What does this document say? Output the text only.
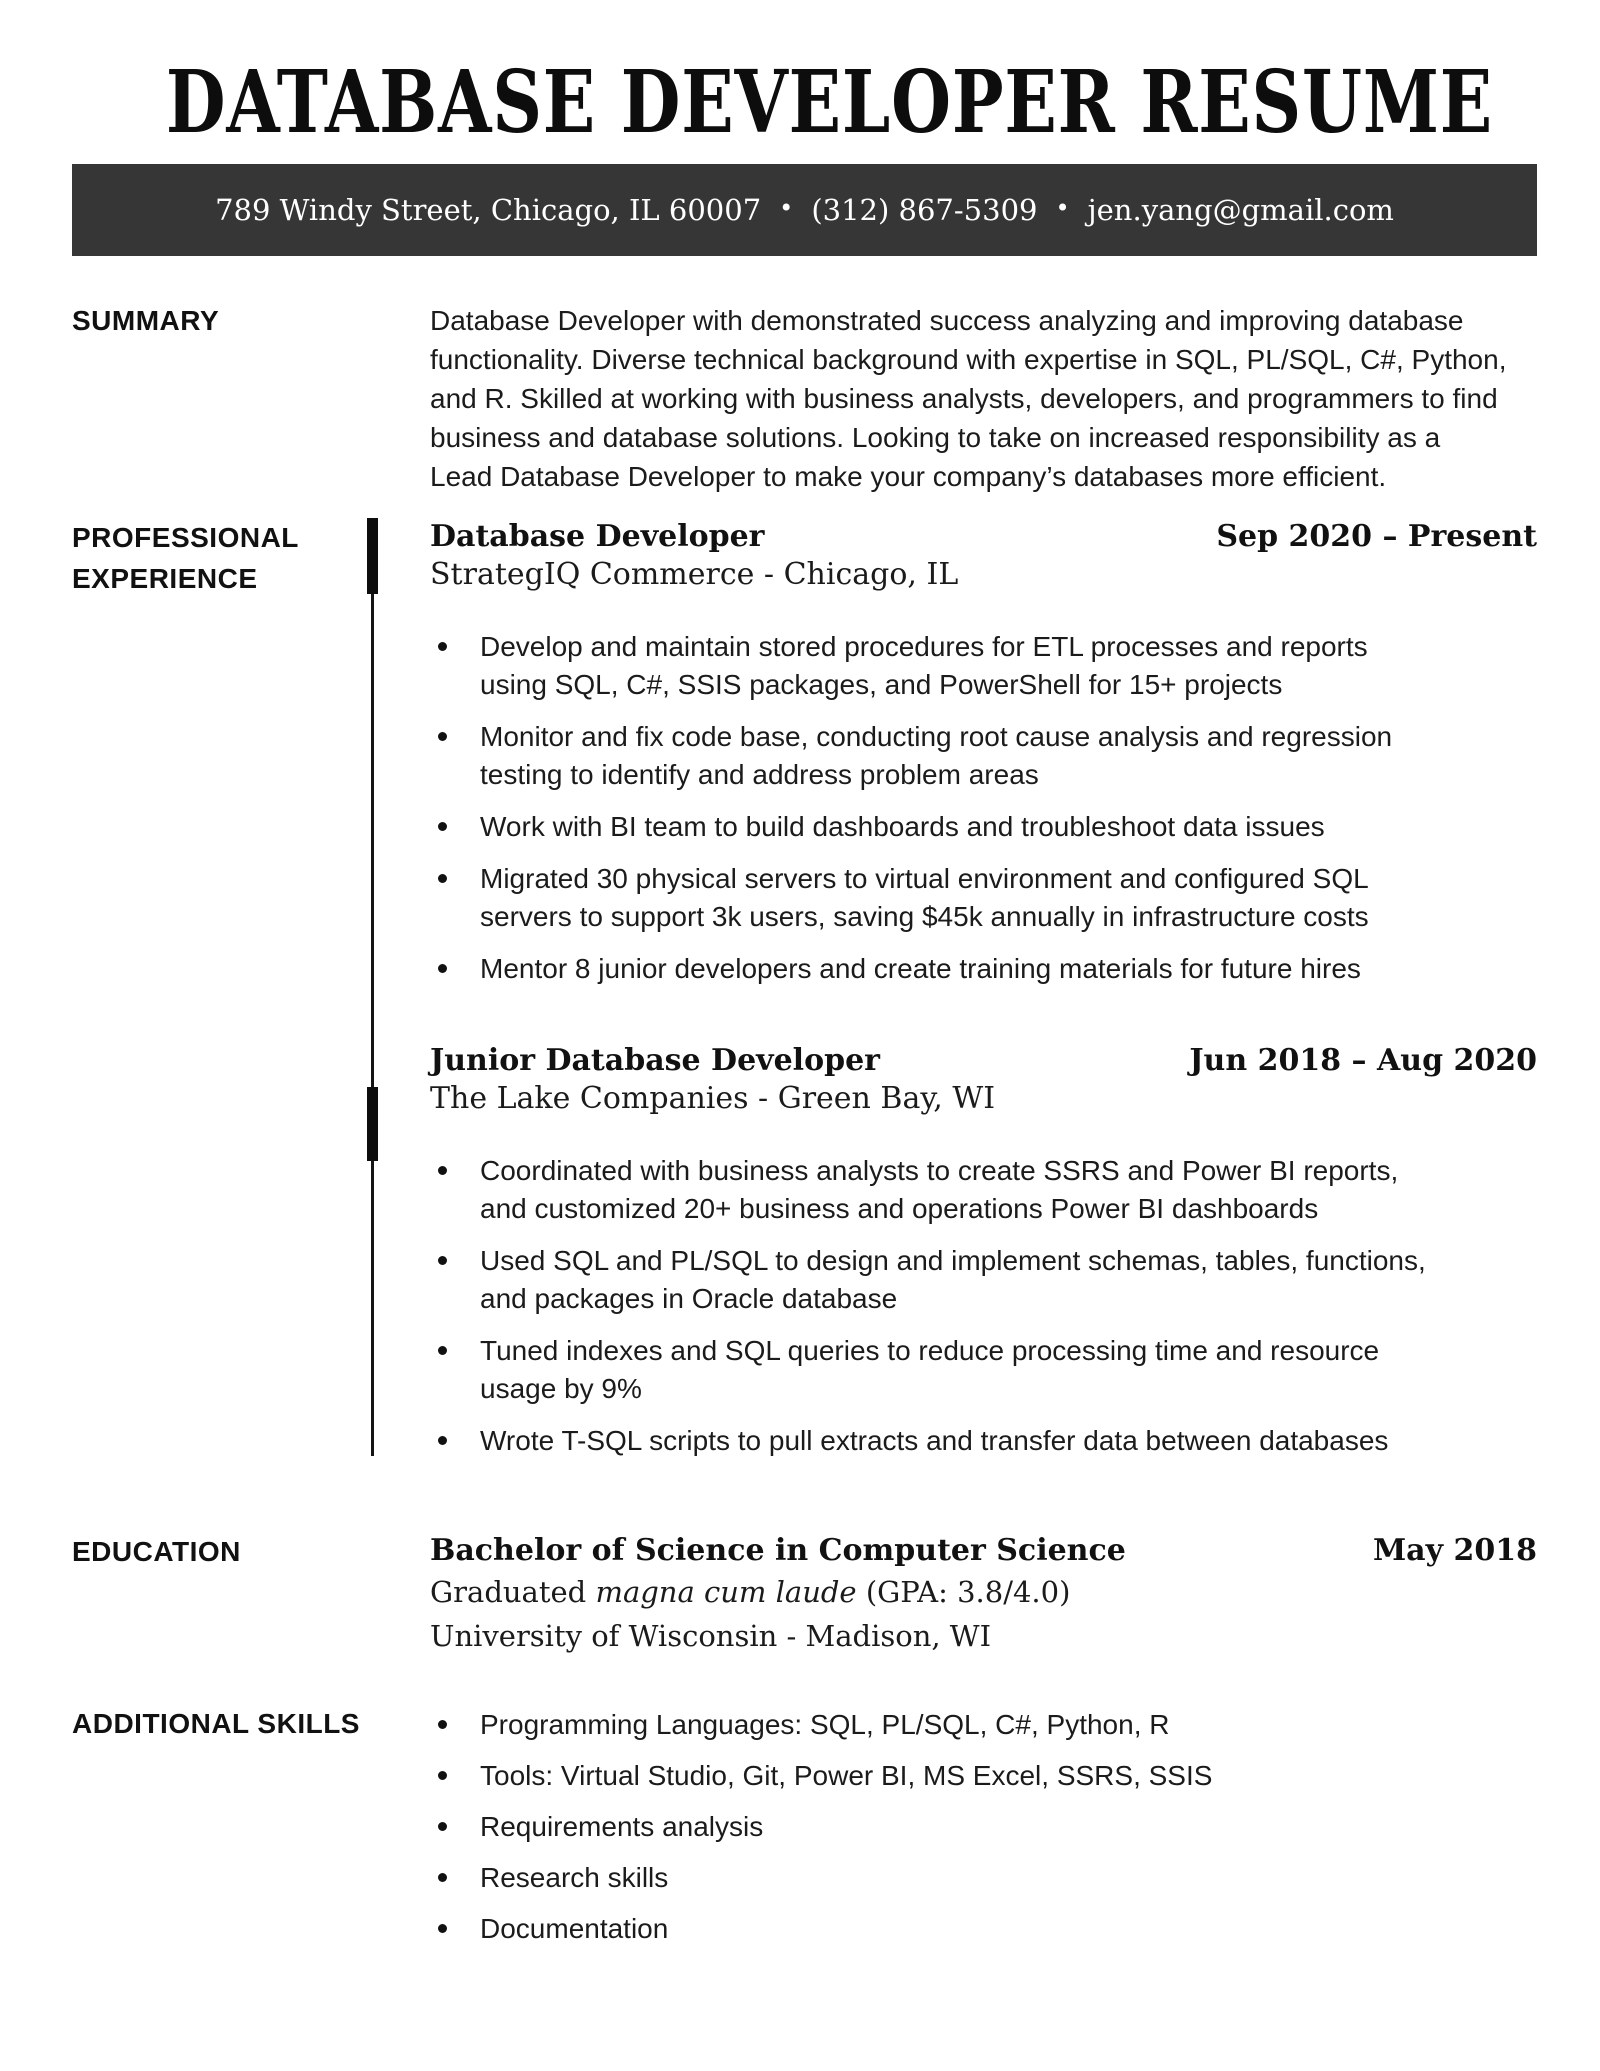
DATABASE DEVELOPER RESUME
789 Windy Street, Chicago, IL 60007 • (312) 867-5309 • jen.yang@gmail.com
SUMMARY	Database Developer with demonstrated success analyzing and improving database functionality. Diverse technical background with expertise in SQL, PL/SQL, C#, Python, and R. Skilled at working with business analysts, developers, and programmers to find business and database solutions. Looking to take on increased responsibility as a Lead Database Developer to make your company’s databases more efficient.
PROFESSIONAL EXPERIENCE
Database Developer	Sep 2020 – Present
StrategIQ Commerce - Chicago, IL
Develop and maintain stored procedures for ETL processes and reports using SQL, C#, SSIS packages, and PowerShell for 15+ projects
Monitor and fix code base, conducting root cause analysis and regression testing to identify and address problem areas
Work with BI team to build dashboards and troubleshoot data issues
Migrated 30 physical servers to virtual environment and configured SQL servers to support 3k users, saving $45k annually in infrastructure costs
Mentor 8 junior developers and create training materials for future hires
Junior Database Developer	Jun 2018 – Aug 2020
The Lake Companies - Green Bay, WI
Coordinated with business analysts to create SSRS and Power BI reports, and customized 20+ business and operations Power BI dashboards
Used SQL and PL/SQL to design and implement schemas, tables, functions, and packages in Oracle database
Tuned indexes and SQL queries to reduce processing time and resource usage by 9%
Wrote T-SQL scripts to pull extracts and transfer data between databases
EDUCATION	Bachelor of Science in Computer Science	May 2018
Graduated magna cum laude (GPA: 3.8/4.0)
University of Wisconsin - Madison, WI
ADDITIONAL SKILLS	Programming Languages: SQL, PL/SQL, C#, Python, R
Tools: Virtual Studio, Git, Power BI, MS Excel, SSRS, SSIS
Requirements analysis
Research skills
Documentation
